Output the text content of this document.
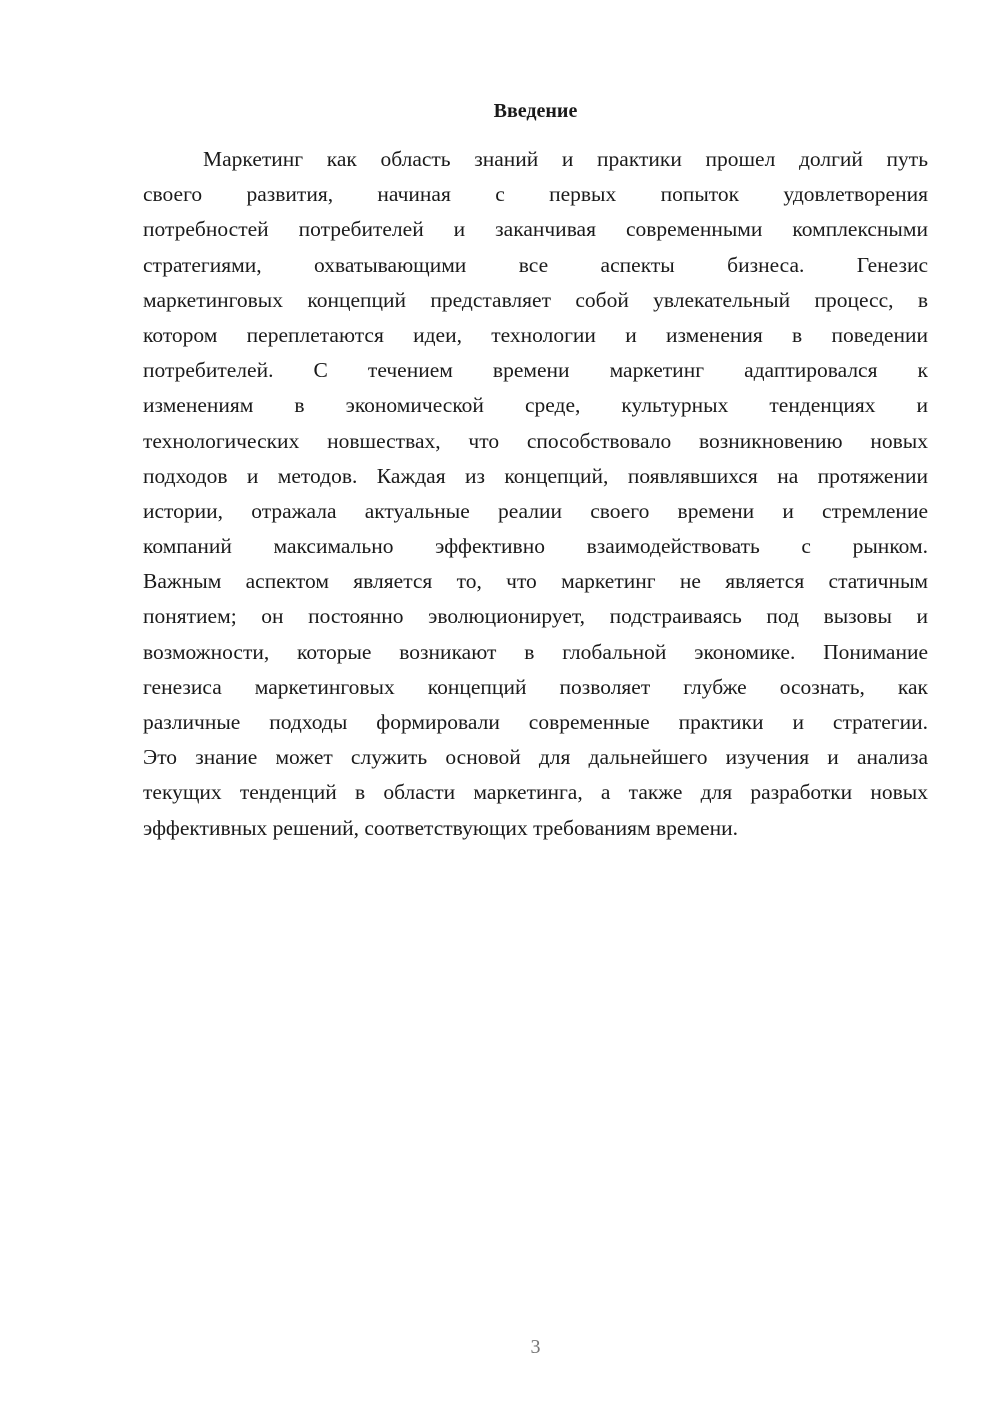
Введение
Маркетинг как область знаний и практики прошел долгий путь
своего развития, начиная с первых попыток удовлетворения
потребностей потребителей и заканчивая современными комплексными
стратегиями, охватывающими все аспекты бизнеса. Генезис
маркетинговых концепций представляет собой увлекательный процесс, в
котором переплетаются идеи, технологии и изменения в поведении
потребителей. С течением времени маркетинг адаптировался к
изменениям в экономической среде, культурных тенденциях и
технологических новшествах, что способствовало возникновению новых
подходов и методов. Каждая из концепций, появлявшихся на протяжении
истории, отражала актуальные реалии своего времени и стремление
компаний максимально эффективно взаимодействовать с рынком.
Важным аспектом является то, что маркетинг не является статичным
понятием; он постоянно эволюционирует, подстраиваясь под вызовы и
возможности, которые возникают в глобальной экономике. Понимание
генезиса маркетинговых концепций позволяет глубже осознать, как
различные подходы формировали современные практики и стратегии.
Это знание может служить основой для дальнейшего изучения и анализа
текущих тенденций в области маркетинга, а также для разработки новых
эффективных решений, соответствующих требованиям времени.
3
